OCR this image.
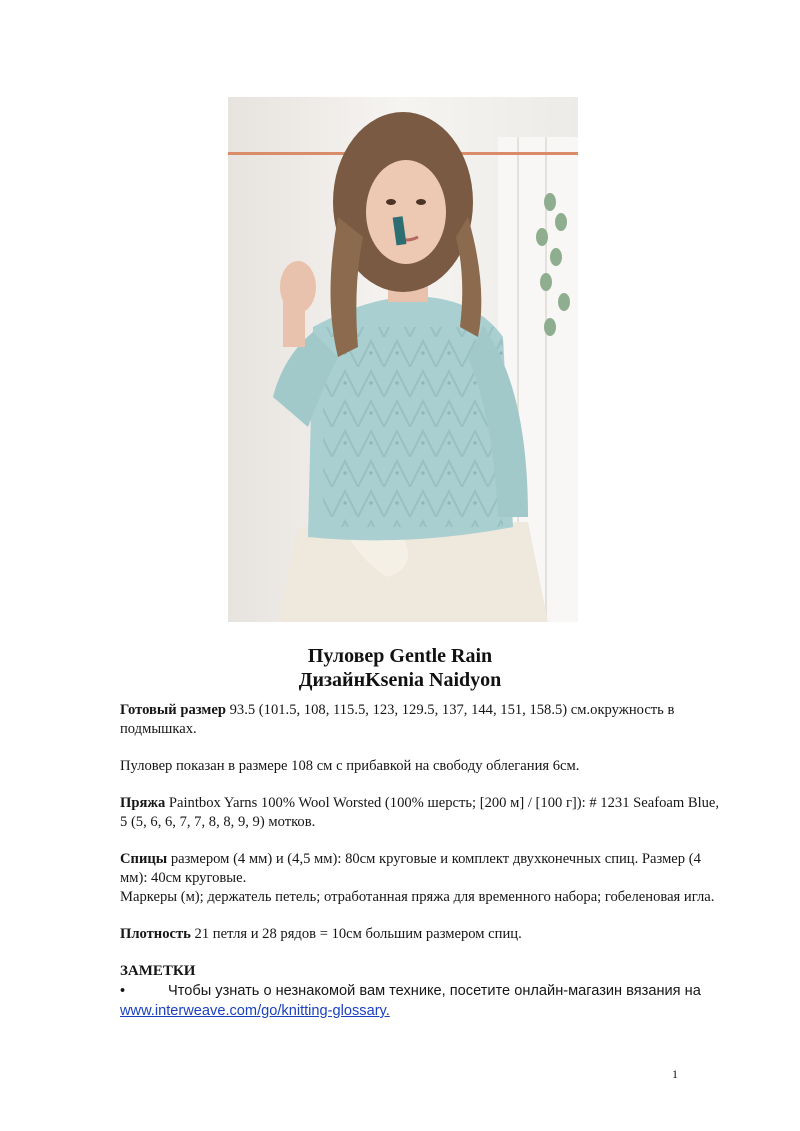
Пуловер Gentle Rain
ДизайнKsenia Naidyon

Готовый размер 93.5 (101.5, 108, 115.5, 123, 129.5, 137, 144, 151, 158.5) см.окружность в подмышках.

Пуловер показан в размере 108 см с прибавкой на свободу облегания 6см.

Пряжа Paintbox Yarns 100% Wool Worsted (100% шерсть; [200 м] / [100 г]): # 1231 Seafoam Blue, 5 (5, 6, 6, 7, 7, 8, 8, 9, 9) мотков.

Спицы размером (4 мм) и (4,5 мм): 80см круговые и комплект двухконечных спиц. Размер (4 мм): 40см круговые.
Маркеры (м); держатель петель; отработанная пряжа для временного набора; гобеленовая игла.

Плотность 21 петля и 28 рядов = 10см большим размером спиц.

ЗАМЕТКИ
•	Чтобы узнать о незнакомой вам технике, посетите онлайн-магазин вязания на www.interweave.com/go/knitting-glossary.
1
